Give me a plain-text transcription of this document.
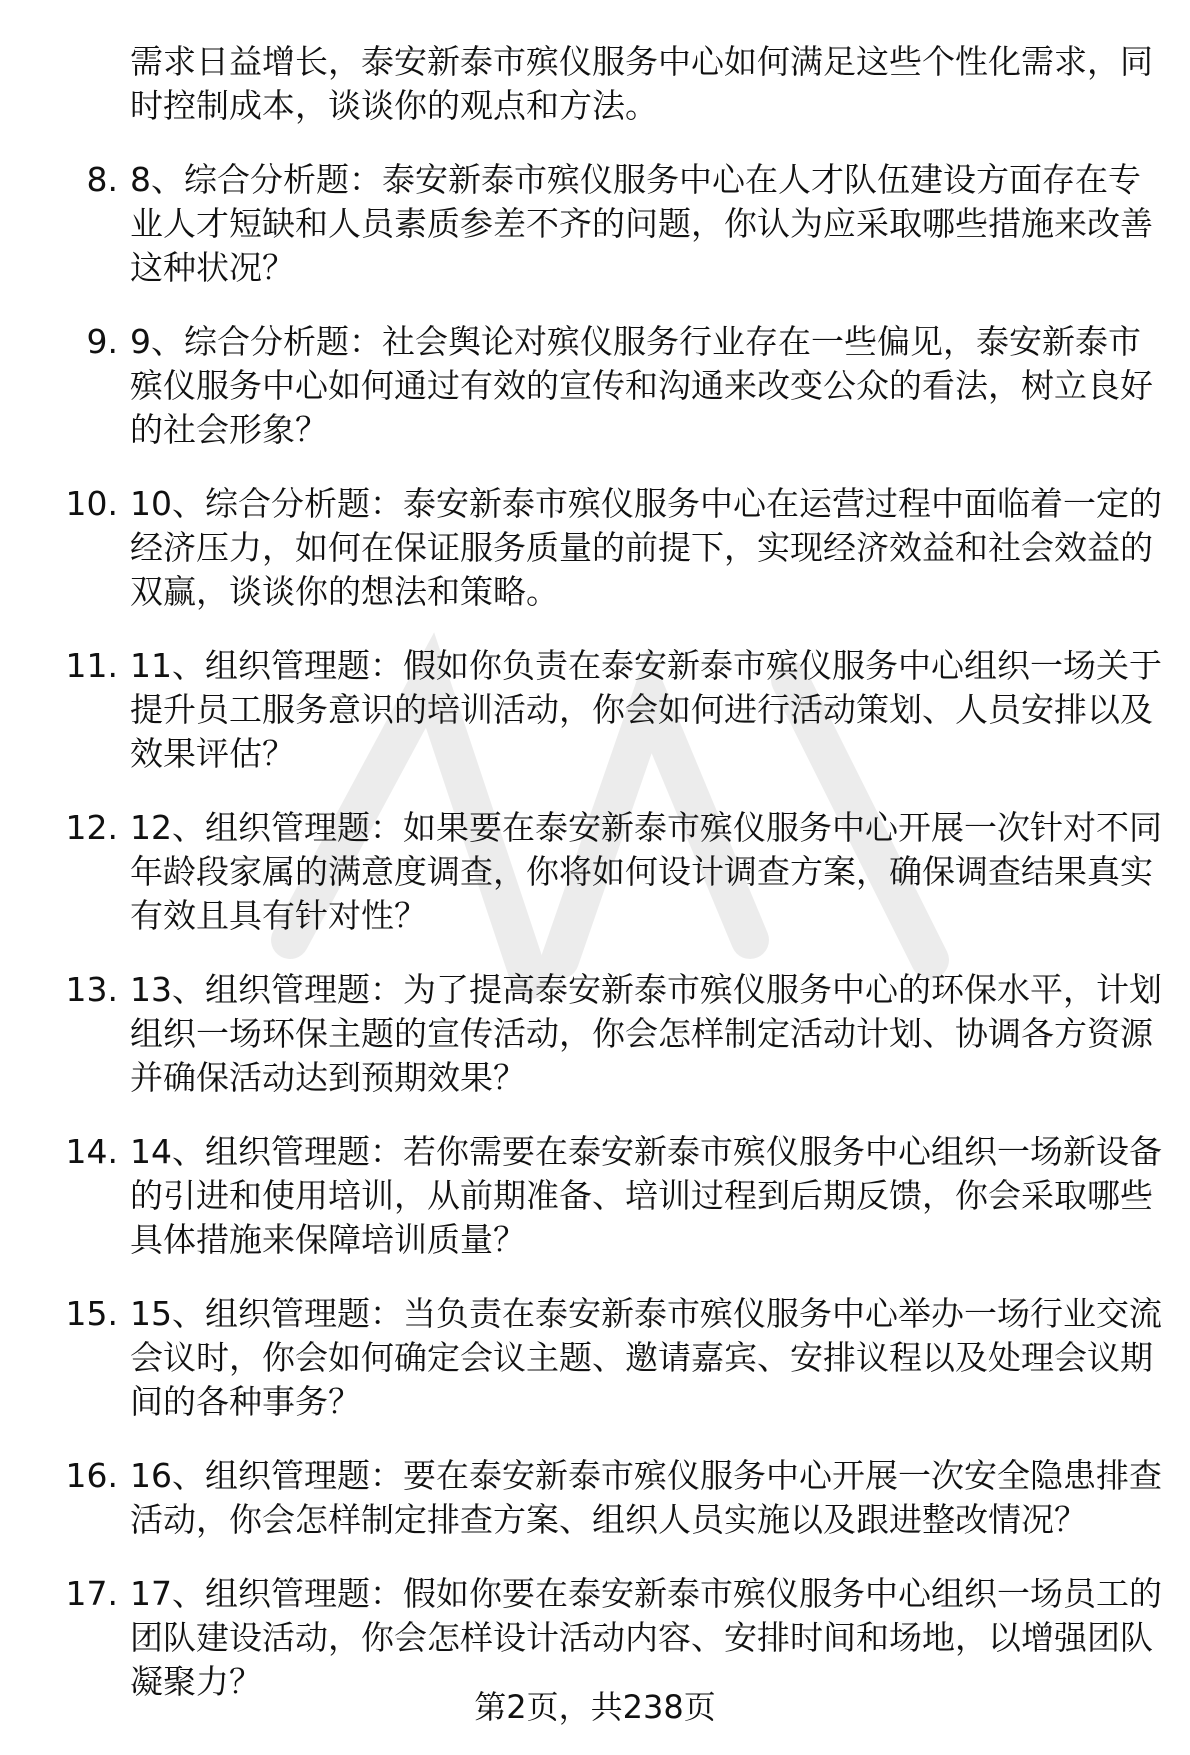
需求日益增长，泰安新泰市殡仪服务中心如何满足这些个性化需求，同时控制成本，谈谈你的观点和方法。
8. 8、综合分析题：泰安新泰市殡仪服务中心在人才队伍建设方面存在专业人才短缺和人员素质参差不齐的问题，你认为应采取哪些措施来改善这种状况？
9. 9、综合分析题：社会舆论对殡仪服务行业存在一些偏见，泰安新泰市殡仪服务中心如何通过有效的宣传和沟通来改变公众的看法，树立良好的社会形象？
10. 10、综合分析题：泰安新泰市殡仪服务中心在运营过程中面临着一定的经济压力，如何在保证服务质量的前提下，实现经济效益和社会效益的双赢，谈谈你的想法和策略。
11. 11、组织管理题：假如你负责在泰安新泰市殡仪服务中心组织一场关于提升员工服务意识的培训活动，你会如何进行活动策划、人员安排以及效果评估？
12. 12、组织管理题：如果要在泰安新泰市殡仪服务中心开展一次针对不同年龄段家属的满意度调查，你将如何设计调查方案，确保调查结果真实有效且具有针对性？
13. 13、组织管理题：为了提高泰安新泰市殡仪服务中心的环保水平，计划组织一场环保主题的宣传活动，你会怎样制定活动计划、协调各方资源并确保活动达到预期效果？
14. 14、组织管理题：若你需要在泰安新泰市殡仪服务中心组织一场新设备的引进和使用培训，从前期准备、培训过程到后期反馈，你会采取哪些具体措施来保障培训质量？
15. 15、组织管理题：当负责在泰安新泰市殡仪服务中心举办一场行业交流会议时，你会如何确定会议主题、邀请嘉宾、安排议程以及处理会议期间的各种事务？
16. 16、组织管理题：要在泰安新泰市殡仪服务中心开展一次安全隐患排查活动，你会怎样制定排查方案、组织人员实施以及跟进整改情况？
17. 17、组织管理题：假如你要在泰安新泰市殡仪服务中心组织一场员工的团队建设活动，你会怎样设计活动内容、安排时间和场地，以增强团队凝聚力？
第2页，共238页
